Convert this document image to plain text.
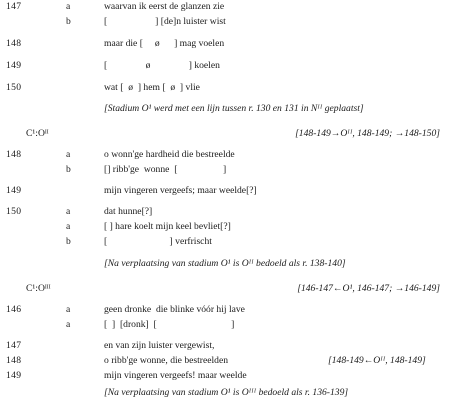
147	a	waarvan ik eerst de glanzen zie
b	[                    ] [de]n luister wist
148	maar die [     ø      ] mag voelen
149	[                ø                ] koelen
150	wat [  ø  ] hem [  ø  ] vlie
[Stadium O¹ werd met een lijn tussen r. 130 en 131 in Nᴵᴵ geplaatst]
C¹:Oᴵᴵ	[148-149→Oᴵᴵ, 148-149; →148-150]
148	a	o wonn'ge hardheid die bestreelde
b	[] ribb'ge  wonne  [                   ]
149	mijn vingeren vergeefs; maar weelde[?]
150	a	dat hunne[?]
a	[ ] hare koelt mijn keel bevliet[?]
b	[                          ] verfrischt
[Na verplaatsing van stadium O¹ is Oᴵᴵ bedoeld als r. 138-140]
C¹:Oᴵᴵᴵ	[146-147←O¹, 146-147; →146-149]
146	a	geen dronke  die blinke vóór hij lave
a	[  ]  [dronk]  [                               ]
147	en van zijn luister vergewist,
148	o ribb'ge wonne, die bestreelden	[148-149←Oᴵᴵ, 148-149]
149	mijn vingeren vergeefs! maar weelde
[Na verplaatsing van stadium O¹ is Oᴵᴵᴵ bedoeld als r. 136-139]
